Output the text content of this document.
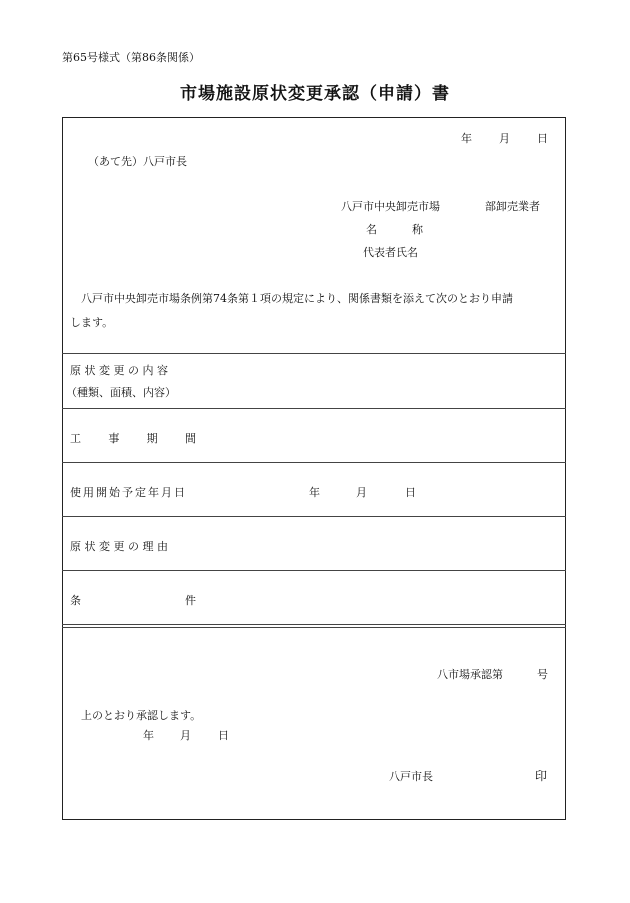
第65号様式（第86条関係）
市場施設原状変更承認（申請）書
年 月 日
（あて先）八戸市長
八戸市中央卸売市場	部卸売業者
名	称
代表者氏名
八戸市中央卸売市場条例第74条第１項の規定により、関係書類を添えて次のとおり申請
します。
原 状 変 更 の 内 容
（種類、面積、内容）
工 事 期 間
使用開始予定年月日	年	月	日
原 状 変 更 の 理 由
条	件
八市場承認第	号
上のとおり承認します。
年 月 日
八戸市長	印
